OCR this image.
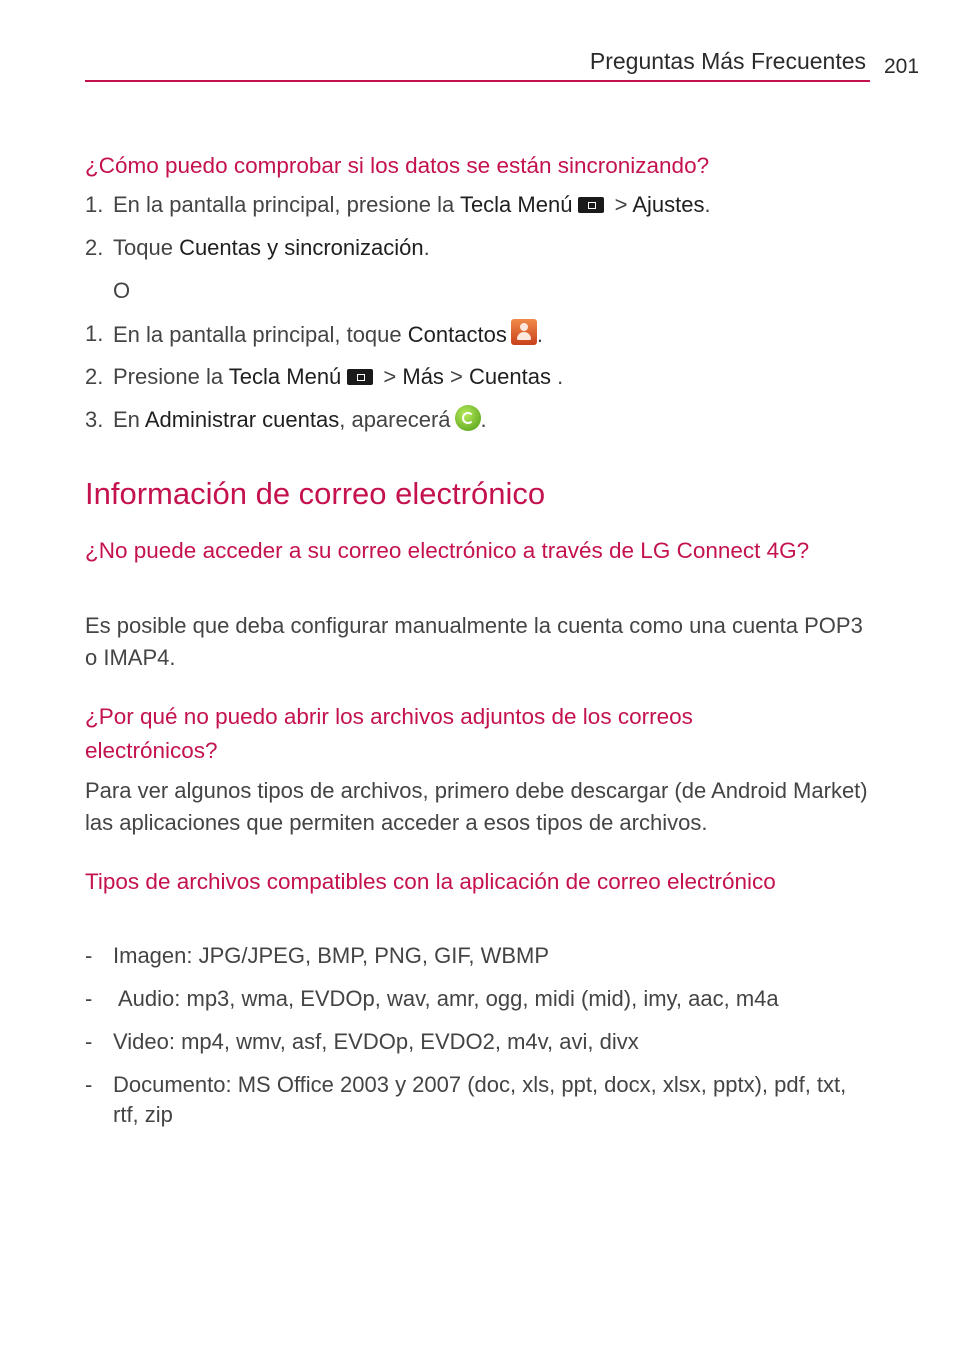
Preguntas Más Frecuentes 201
¿Cómo puedo comprobar si los datos se están sincronizando?
1. En la pantalla principal, presione la Tecla Menú > Ajustes.
2. Toque Cuentas y sincronización.
O
1. En la pantalla principal, toque Contactos .
2. Presione la Tecla Menú > Más > Cuentas .
3. En Administrar cuentas, aparecerá .
Información de correo electrónico
¿No puede acceder a su correo electrónico a través de LG Connect 4G?
Es posible que deba configurar manualmente la cuenta como una cuenta POP3 o IMAP4.
¿Por qué no puedo abrir los archivos adjuntos de los correos electrónicos?
Para ver algunos tipos de archivos, primero debe descargar (de Android Market) las aplicaciones que permiten acceder a esos tipos de archivos.
Tipos de archivos compatibles con la aplicación de correo electrónico
- Imagen: JPG/JPEG, BMP, PNG, GIF, WBMP
- Audio: mp3, wma, EVDOp, wav, amr, ogg, midi (mid), imy, aac, m4a
- Video: mp4, wmv, asf, EVDOp, EVDO2, m4v, avi, divx
- Documento: MS Office 2003 y 2007 (doc, xls, ppt, docx, xlsx, pptx), pdf, txt, rtf, zip
